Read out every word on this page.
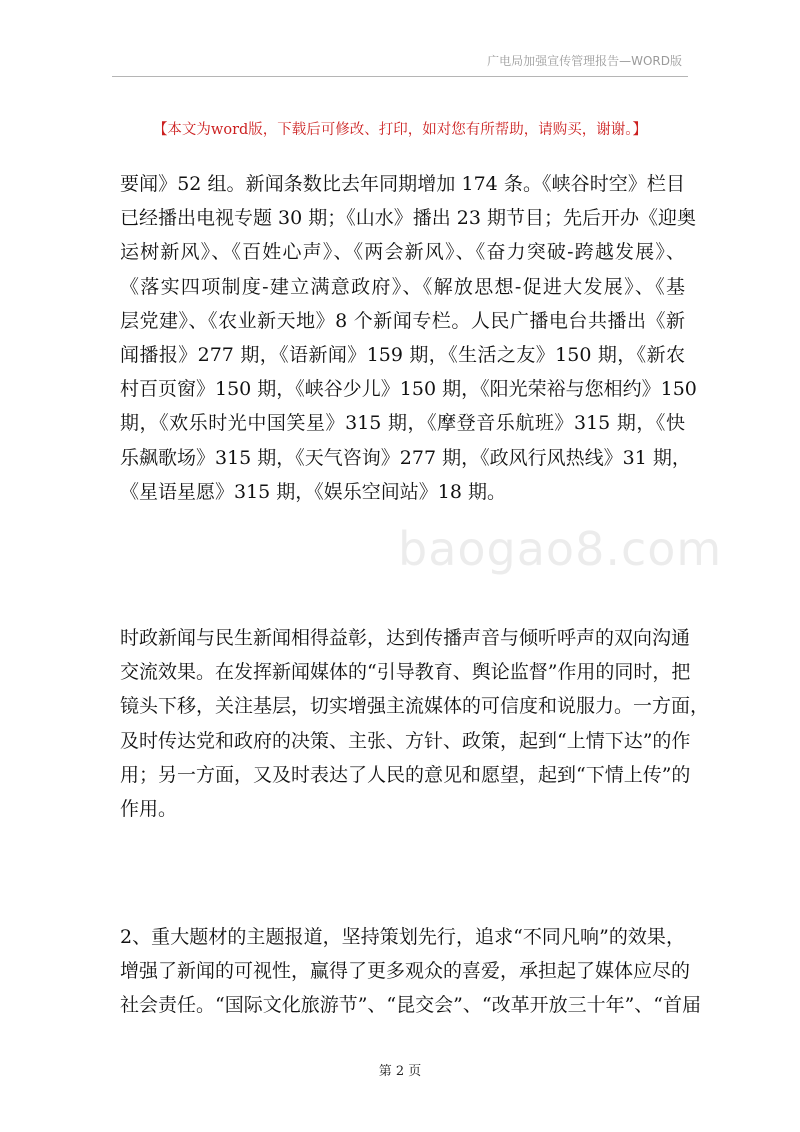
广电局加强宣传管理报告—WORD版
【本文为word版，下载后可修改、打印，如对您有所帮助，请购买，谢谢。】
要闻》52 组。新闻条数比去年同期增加 174 条。《峡谷时空》栏目
已经播出电视专题 30 期；《山水》播出 23 期节目；先后开办《迎奥
运树新风》、《百姓心声》、《两会新风》、《奋力突破-跨越发展》、
《落实四项制度-建立满意政府》、《解放思想-促进大发展》、《基
层党建》、《农业新天地》8 个新闻专栏。人民广播电台共播出《新
闻播报》277 期，《语新闻》159 期，《生活之友》150 期，《新农
村百页窗》150 期，《峡谷少儿》150 期，《阳光荣裕与您相约》150
期，《欢乐时光中国笑星》315 期，《摩登音乐航班》315 期，《快
乐飙歌场》315 期，《天气咨询》277 期，《政风行风热线》31 期，
《星语星愿》315 期，《娱乐空间站》18 期。
baogao8.com
时政新闻与民生新闻相得益彰，达到传播声音与倾听呼声的双向沟通
交流效果。在发挥新闻媒体的“引导教育、舆论监督”作用的同时，把
镜头下移，关注基层，切实增强主流媒体的可信度和说服力。一方面，
及时传达党和政府的决策、主张、方针、政策，起到“上情下达”的作
用；另一方面，又及时表达了人民的意见和愿望，起到“下情上传”的
作用。
2、重大题材的主题报道，坚持策划先行，追求“不同凡响”的效果，
增强了新闻的可视性，赢得了更多观众的喜爱，承担起了媒体应尽的
社会责任。“国际文化旅游节”、“昆交会”、“改革开放三十年”、“首届
第 2 页
